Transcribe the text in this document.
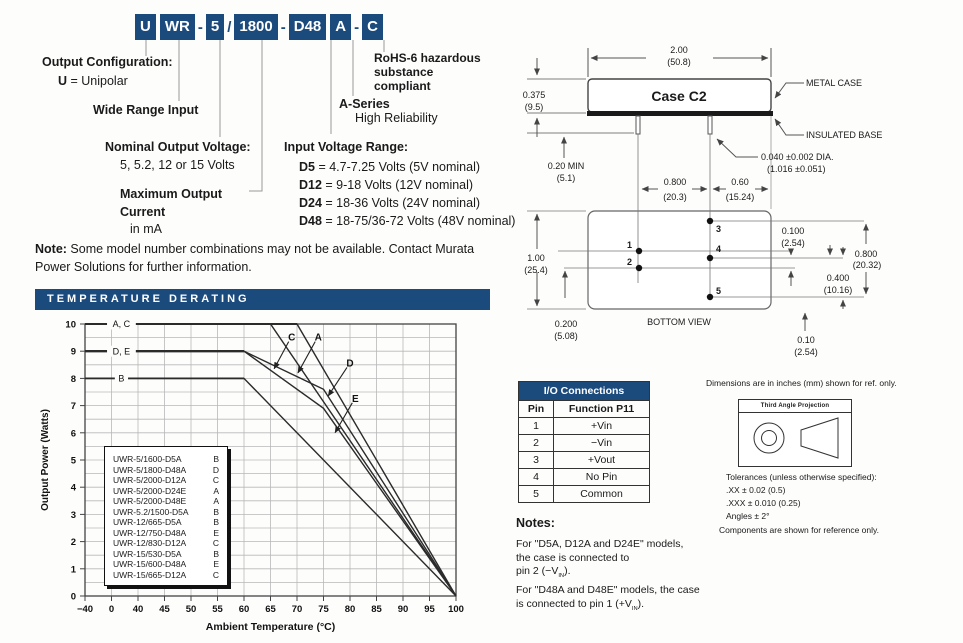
U WR - 5 / 1800 - D48 A - C
Output Configuration:
U = Unipolar
Wide Range Input
Nominal Output Voltage:
5, 5.2, 12 or 15 Volts
Maximum Output
Current
in mA
Input Voltage Range:
D5 = 4.7-7.25 Volts (5V nominal)
D12 = 9-18 Volts (12V nominal)
D24 = 18-36 Volts (24V nominal)
D48 = 18-75/36-72 Volts (48V nominal)
RoHS-6 hazardous
substance
compliant
A-Series
High Reliability
Note: Some model number combinations may not be available. Contact Murata
Power Solutions for further information.
TEMPERATURE DERATING
−40 0 40 45 50 55 60 65 70 75 80 85 90 95 100
0
1
2
3
4
5
6
7
8
9
10
Output Power (Watts)
Ambient Temperature (°C)
A, C
D, E
B
C A
D
E
UWR-5/1600-D5A	B
UWR-5/1800-D48A	D
UWR-5/2000-D12A	C
UWR-5/2000-D24E	A
UWR-5/2000-D48E	A
UWR-5.2/1500-D5A	B
UWR-12/665-D5A	B
UWR-12/750-D48A	E
UWR-12/830-D12A	C
UWR-15/530-D5A	B
UWR-15/600-D48A	E
UWR-15/665-D12A	C
Case C2
2.00
(50.8)
0.375
(9.5)
0.20 MIN
(5.1)
METAL CASE
INSULATED BASE
0.040 ±0.002 DIA.
(1.016 ±0.051)
0.800
(20.3)
0.60
(15.24)
1.00
(25.4)
0.200
(5.08)
0.100
(2.54)
0.800
(20.32)
0.400
(10.16)
0.10
(2.54)
BOTTOM VIEW
1
2
3
4
5
I/O Connections	
Pin	Function P11
1	+Vin
2	−Vin
3	+Vout
4	No Pin
5	Common
Dimensions are in inches (mm) shown for ref. only.
Third Angle Projection
Tolerances (unless otherwise specified):
.XX ± 0.02 (0.5)
.XXX ± 0.010 (0.25)
Angles ± 2°
Components are shown for reference only.
Notes:
For "D5A, D12A and D24E" models,
the case is connected to
pin 2 $(-V_{IN})$.
For "D48A and D48E" models, the case
is connected to pin 1 $(+V_{IN})$.
